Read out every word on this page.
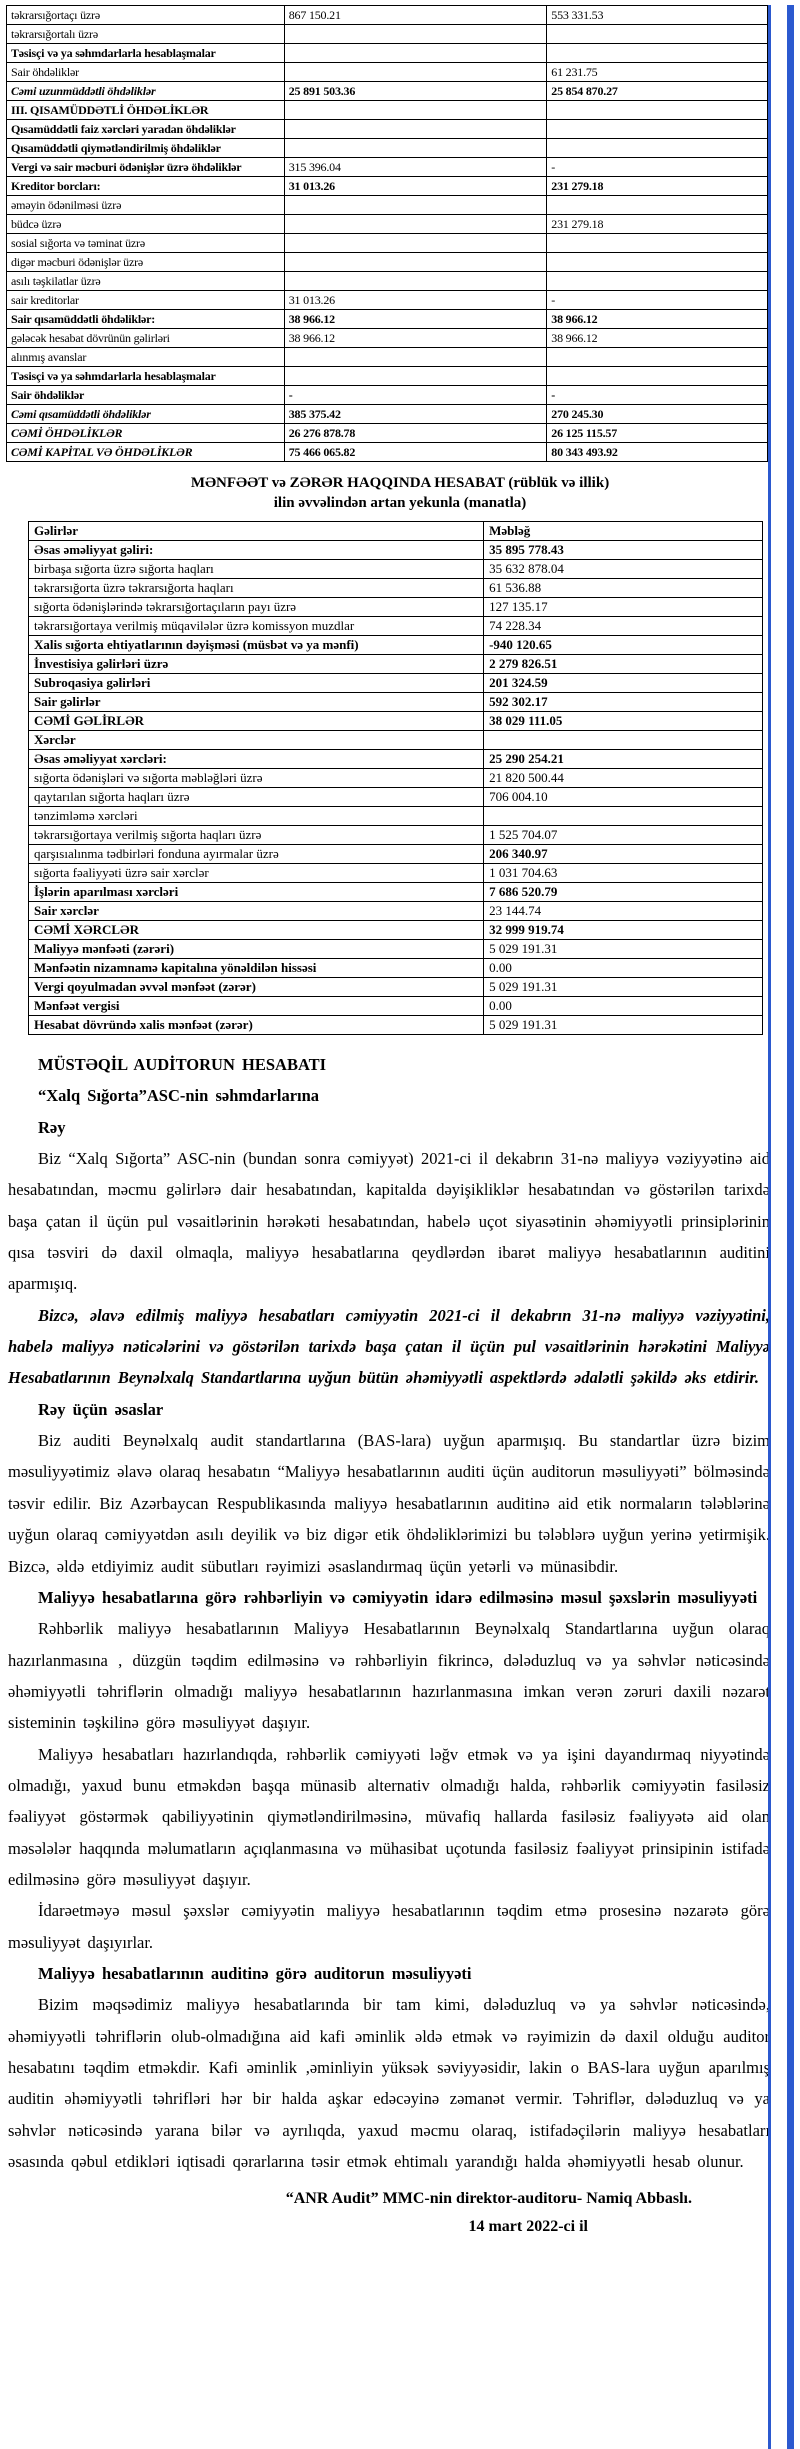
təkrarsığortaçı üzrə	867 150.21	553 331.53
təkrarsığortalı üzrə		
Təsisçi və ya səhmdarlarla hesablaşmalar		
Sair öhdəliklər		61 231.75
Cəmi uzunmüddətli öhdəliklər	25 891 503.36	25 854 870.27
III. QISAMÜDDƏTLİ ÖHDƏLİKLƏR		
Qısamüddətli faiz xərcləri yaradan öhdəliklər		
Qısamüddətli qiymətləndirilmiş öhdəliklər		
Vergi və sair məcburi ödənişlər üzrə öhdəliklər	315 396.04	-
Kreditor borcları:	31 013.26	231 279.18
əməyin ödənilməsi üzrə		
büdcə üzrə		231 279.18
sosial sığorta və təminat üzrə		
digər məcburi ödənişlər üzrə		
asılı təşkilatlar üzrə		
sair kreditorlar	31 013.26	-
Sair qısamüddətli öhdəliklər:	38 966.12	38 966.12
gələcək hesabat dövrünün gəlirləri	38 966.12	38 966.12
alınmış avanslar		
Təsisçi və ya səhmdarlarla hesablaşmalar		
Sair öhdəliklər	-	-
Cəmi qısamüddətli öhdəliklər	385 375.42	270 245.30
CƏMİ ÖHDƏLİKLƏR	26 276 878.78	26 125 115.57
CƏMİ KAPİTAL VƏ ÖHDƏLİKLƏR	75 466 065.82	80 343 493.92
MƏNFƏƏT və ZƏRƏR HAQQINDA HESABAT (rüblük və illik)
ilin əvvəlindən artan yekunla (manatla)
Gəlirlər	Məbləğ
Əsas əməliyyat gəliri:	35 895 778.43
birbaşa sığorta üzrə sığorta haqları	35 632 878.04
təkrarsığorta üzrə təkrarsığorta haqları	61 536.88
sığorta ödənişlərində təkrarsığortaçıların payı üzrə	127 135.17
təkrarsığortaya verilmiş müqavilələr üzrə komissyon muzdlar	74 228.34
Xalis sığorta ehtiyatlarının dəyişməsi (müsbət və ya mənfi)	-940 120.65
İnvestisiya gəlirləri üzrə	2 279 826.51
Subroqasiya gəlirləri	201 324.59
Sair gəlirlər	592 302.17
CƏMİ GƏLİRLƏR	38 029 111.05
Xərclər	
Əsas əməliyyat xərcləri:	25 290 254.21
sığorta ödənişləri və sığorta məbləğləri üzrə	21 820 500.44
qaytarılan sığorta haqları üzrə	706 004.10
tənzimləmə xərcləri	
təkrarsığortaya verilmiş sığorta haqları üzrə	1 525 704.07
qarşısıalınma tədbirləri fonduna ayırmalar üzrə	206 340.97
sığorta fəaliyyəti üzrə sair xərclər	1 031 704.63
İşlərin aparılması xərcləri	7 686 520.79
Sair xərclər	23 144.74
CƏMİ XƏRCLƏR	32 999 919.74
Maliyyə mənfəəti (zərəri)	5 029 191.31
Mənfəətin nizamnamə kapitalına yönəldilən hissəsi	0.00
Vergi qoyulmadan əvvəl mənfəət (zərər)	5 029 191.31
Mənfəət vergisi	0.00
Hesabat dövründə xalis mənfəət (zərər)	5 029 191.31

MÜSTƏQİL AUDİTORUN HESABATI

“Xalq Sığorta”ASC-nin səhmdarlarına

Rəy

Biz “Xalq Sığorta” ASC-nin (bundan sonra cəmiyyət) 2021-ci il dekabrın 31-nə maliyyə vəziyyətinə aid hesabatından, məcmu gəlirlərə dair hesabatından, kapitalda dəyişikliklər hesabatından və göstərilən tarixdə başa çatan il üçün pul vəsaitlərinin hərəkəti hesabatından, habelə uçot siyasətinin əhəmiyyətli prinsiplərinin qısa təsviri də daxil olmaqla, maliyyə hesabatlarına qeydlərdən ibarət maliyyə hesabatlarının auditini aparmışıq.

Bizcə, əlavə edilmiş maliyyə hesabatları cəmiyyətin 2021-ci il dekabrın 31-nə maliyyə vəziyyətini, habelə maliyyə nəticələrini və göstərilən tarixdə başa çatan il üçün pul vəsaitlərinin hərəkətini Maliyyə Hesabatlarının Beynəlxalq Standartlarına uyğun bütün əhəmiyyətli aspektlərdə ədalətli şəkildə əks etdirir.

Rəy üçün əsaslar

Biz auditi Beynəlxalq audit standartlarına (BAS-lara) uyğun aparmışıq. Bu standartlar üzrə bizim məsuliyyətimiz əlavə olaraq hesabatın “Maliyyə hesabatlarının auditi üçün auditorun məsuliyyəti” bölməsində təsvir edilir. Biz Azərbaycan Respublikasında maliyyə hesabatlarının auditinə aid etik normaların tələblərinə uyğun olaraq cəmiyyətdən asılı deyilik və biz digər etik öhdəliklərimizi bu tələblərə uyğun yerinə yetirmişik. Bizcə, əldə etdiyimiz audit sübutları rəyimizi əsaslandırmaq üçün yetərli və münasibdir.

Maliyyə hesabatlarına görə rəhbərliyin və cəmiyyətin idarə edilməsinə məsul şəxslərin məsuliyyəti

Rəhbərlik maliyyə hesabatlarının Maliyyə Hesabatlarının Beynəlxalq Standartlarına uyğun olaraq hazırlanmasına , düzgün təqdim edilməsinə və rəhbərliyin fikrincə, dələduzluq və ya səhvlər nəticəsində əhəmiyyətli təhriflərin olmadığı maliyyə hesabatlarının hazırlanmasına imkan verən zəruri daxili nəzarət sisteminin təşkilinə görə məsuliyyət daşıyır.

Maliyyə hesabatları hazırlandıqda, rəhbərlik cəmiyyəti ləğv etmək və ya işini dayandırmaq niyyətində olmadığı, yaxud bunu etməkdən başqa münasib alternativ olmadığı halda, rəhbərlik cəmiyyətin fasiləsiz fəaliyyət göstərmək qabiliyyətinin qiymətləndirilməsinə, müvafiq hallarda fasiləsiz fəaliyyətə aid olan məsələlər haqqında məlumatların açıqlanmasına və mühasibat uçotunda fasiləsiz fəaliyyət prinsipinin istifadə edilməsinə görə məsuliyyət daşıyır.

İdarəetməyə məsul şəxslər cəmiyyətin maliyyə hesabatlarının təqdim etmə prosesinə nəzarətə görə məsuliyyət daşıyırlar.

Maliyyə hesabatlarının auditinə görə auditorun məsuliyyəti

Bizim məqsədimiz maliyyə hesabatlarında bir tam kimi, dələduzluq və ya səhvlər nəticəsində, əhəmiyyətli təhriflərin olub-olmadığına aid kafi əminlik əldə etmək və rəyimizin də daxil olduğu auditor hesabatını təqdim etməkdir. Kafi əminlik ,əminliyin yüksək səviyyəsidir, lakin o BAS-lara uyğun aparılmış auditin əhəmiyyətli təhrifləri hər bir halda aşkar edəcəyinə zəmanət vermir. Təhriflər, dələduzluq və ya səhvlər nəticəsində yarana bilər və ayrılıqda, yaxud məcmu olaraq, istifadəçilərin maliyyə hesabatları əsasında qəbul etdikləri iqtisadi qərarlarına təsir etmək ehtimalı yarandığı halda əhəmiyyətli hesab olunur.

“ANR Audit” MMC-nin direktor-auditoru- Namiq Abbaslı.
14 mart 2022-ci il
